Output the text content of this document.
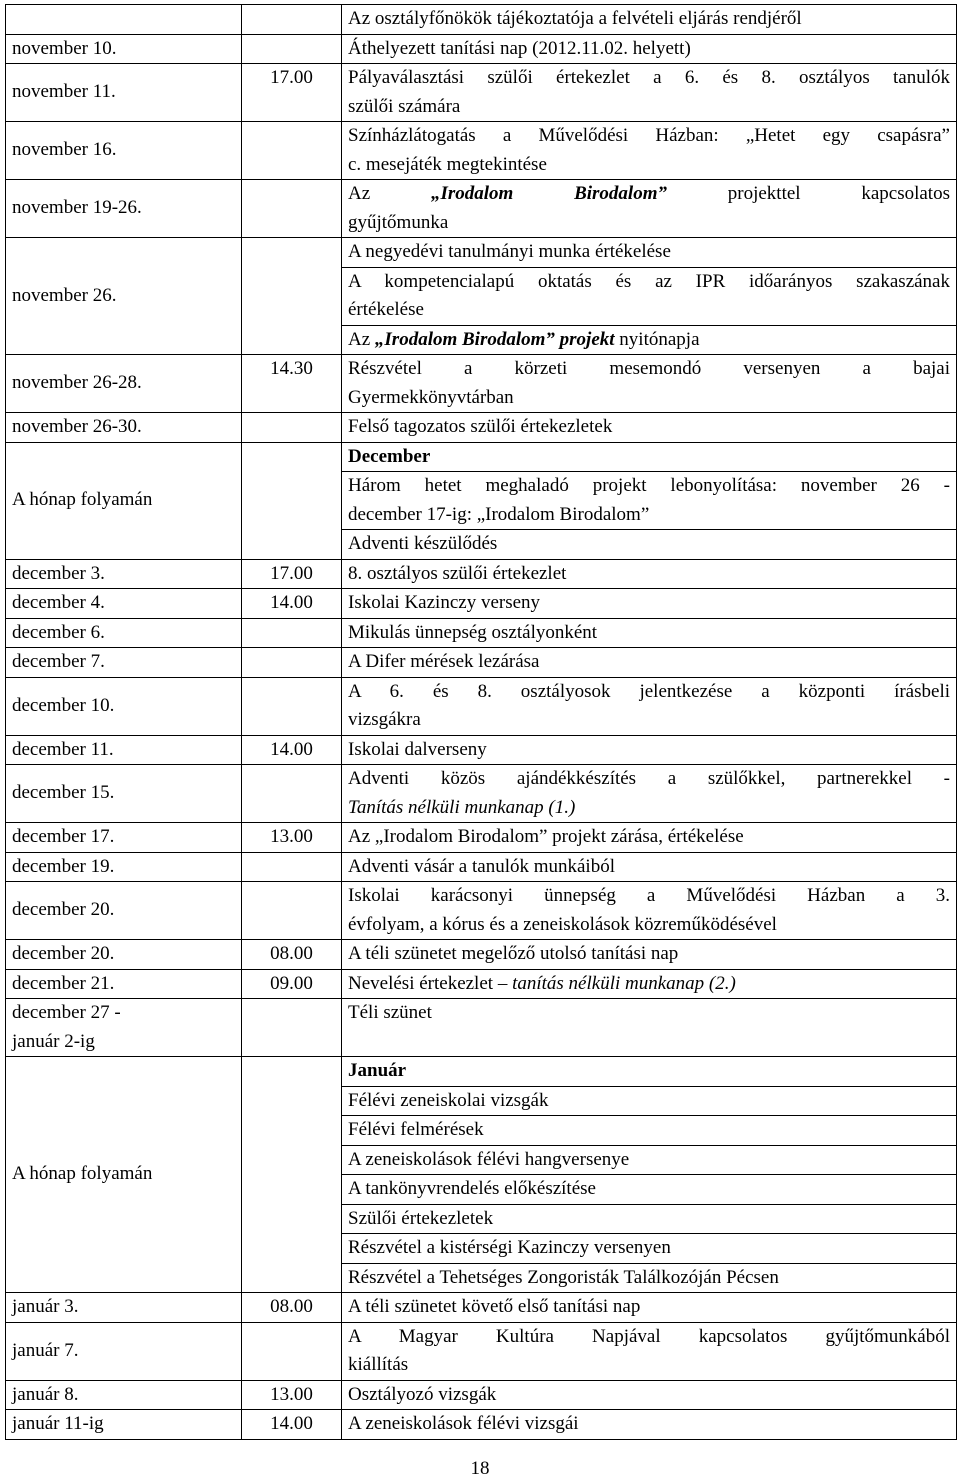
		Az osztályfőnökök tájékoztatója a felvételi eljárás rendjéről
november 10.		Áthelyezett tanítási nap (2012.11.02. helyett)
november 11.	17.00	Pályaválasztási szülői értekezlet a 6. és 8. osztályos tanulók
szülői számára

november 16.		Színházlátogatás a Művelődési Házban: „Hetet egy csapásra”
c. mesejáték megtekintése

november 19-26.		Az „Irodalom Birodalom” projekttel kapcsolatos
gyűjtőmunka

november 26.		A negyedévi tanulmányi munka értékelése

		A kompetencialapú oktatás és az IPR időarányos szakaszának
értékelése

		Az „Irodalom Birodalom” projekt nyitónapja
november 26-28.	14.30	Részvétel a körzeti mesemondó versenyen a bajai
Gyermekkönyvtárban

november 26-30.		Felső tagozatos szülői értekezletek
A hónap folyamán		December

		Három hetet meghaladó projekt lebonyolítása: november 26 -
december 17-ig: „Irodalom Birodalom”

		Adventi készülődés
december 3.	17.00	8. osztályos szülői értekezlet
december 4.	14.00	Iskolai Kazinczy verseny
december 6.		Mikulás ünnepség osztályonként
december 7.		A Difer mérések lezárása
december 10.		A 6. és 8. osztályosok jelentkezése a központi írásbeli
vizsgákra

december 11.	14.00	Iskolai dalverseny
december 15.		Adventi közös ajándékkészítés a szülőkkel, partnerekkel -
Tanítás nélküli munkanap (1.)

december 17.	13.00	Az „Irodalom Birodalom” projekt zárása, értékelése
december 19.		Adventi vásár a tanulók munkáiból
december 20.		Iskolai karácsonyi ünnepség a Művelődési Házban a 3.
évfolyam, a kórus és a zeneiskolások közreműködésével

december 20.	08.00	A téli szünetet megelőző utolsó tanítási nap
december 21.	09.00	Nevelési értekezlet – tanítás nélküli munkanap (2.)

december 27 -
január 2-ig		Téli szünet
A hónap folyamán		Január
		Félévi zeneiskolai vizsgák
		Félévi felmérések
		A zeneiskolások félévi hangversenye
		A tankönyvrendelés előkészítése
		Szülői értekezletek
		Részvétel a kistérségi Kazinczy versenyen
		Részvétel a Tehetséges Zongoristák Találkozóján Pécsen
január 3.	08.00	A téli szünetet követő első tanítási nap
január 7.		A Magyar Kultúra Napjával kapcsolatos gyűjtőmunkából
kiállítás

január 8.	13.00	Osztályozó vizsgák
január 11-ig	14.00	A zeneiskolások félévi vizsgái
18
